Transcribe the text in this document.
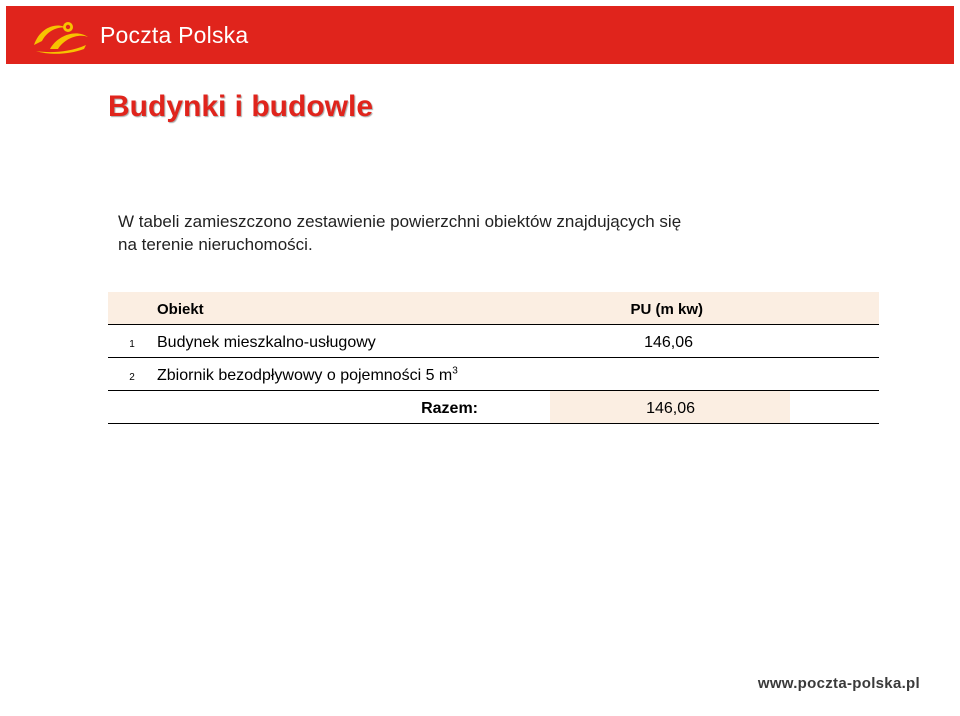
Poczta Polska
Budynki i budowle

W tabeli zamieszczono zestawienie powierzchni obiektów znajdujących się
na terenie nieruchomości.

Obiekt	PU (m kw)
1 Budynek mieszkalno-usługowy	146,06
2 Zbiornik bezodpływowy o pojemności 5 $m^3$
Razem:	146,06
www.poczta-polska.pl
